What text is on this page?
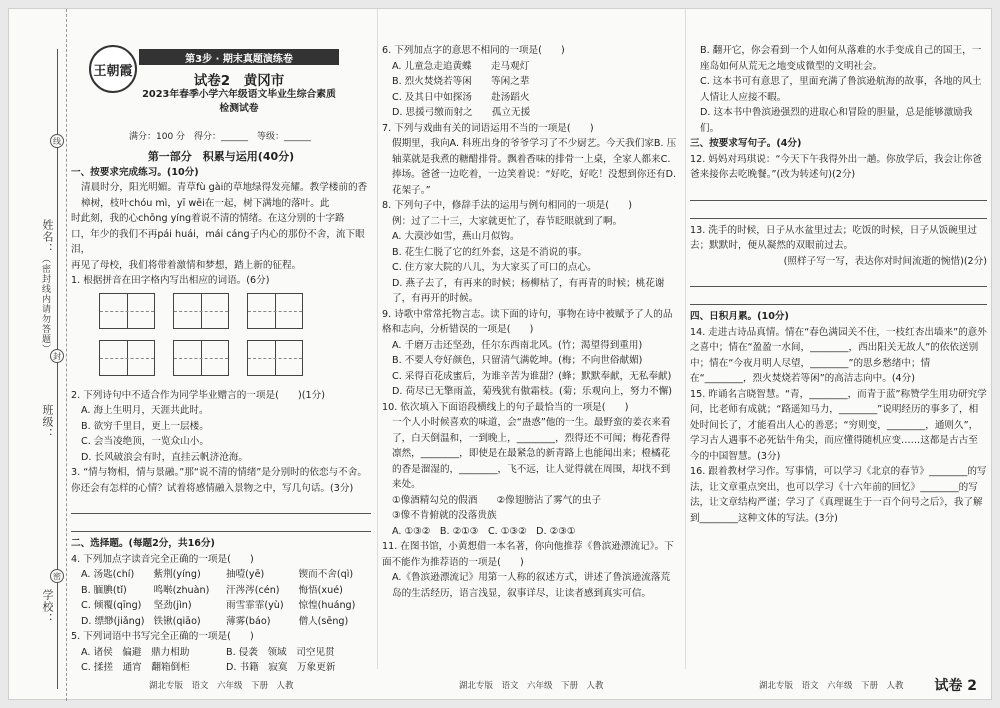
姓名：
（密封线内请勿答题）
班级：
学校：
线
封
密
王朝霞
第3步 · 期末真题演练卷
试卷2　黄冈市
2023年春季小学六年级语文毕业生综合素质检测试卷
满分：100 分　得分：______　等级：______
第一部分　积累与运用(40分)

一、按要求完成练习。(10分)

清晨时分，阳光明媚。青草fù gài的草地绿得发亮耀。教学楼前的香樟树，枝叶chóu mì，yī wēi在一起，树下满地的落叶。此

时此刻，我的心chōng yíng着说不清的情绪。在这分别的十字路

口，年少的我们不再pái huái，mái cáng子内心的那份不舍，流下眼泪，

再见了母校，我们将带着激情和梦想，踏上新的征程。

1. 根据拼音在田字格内写出相应的词语。(6分)

2. 下列诗句中不适合作为同学毕业赠言的一项是(　　)(1分)

A. 海上生明月，天涯共此时。

B. 欲穷千里目，更上一层楼。

C. 会当凌绝顶，一览众山小。

D. 长风破浪会有时，直挂云帆济沧海。

3. “情与物相，情与景融。”那“说不清的情绪”是分别时的依恋与不舍。你还会有怎样的心情？试着将感情融入景物之中，写几句话。(3分)

二、选择题。(每题2分，共16分)

4. 下列加点字读音完全正确的一项是(　　)

A. 汤匙(chí)	紫荆(yíng)	抽噎(yē)	锲而不舍(qì)
B. 腼腆(tǐ)	鸣啭(zhuàn)	汗涔涔(cén)	悔悟(xué)
C. 倾覆(qīng)	坚劲(jìn)	雨雪霏霏(yù)	惊惶(huáng)
D. 缥缈(jiǎng) 铁锹(qiāo)	薄雾(báo)	僧人(sēng)

5. 下列词语中书写完全正确的一项是(　　)

A. 诸侯　偏避　鼎力相助	B. 侵袭　领域　司空见贯
C. 揉搓　通宵　翻箱倒柜	D. 书籍　寂寞　万象更新

6. 下列加点字的意思不相同的一项是(　　)

A. 儿童急走追黄蝶　　走马观灯

B. 烈火焚烧若等闲　　等闲之辈

C. 及其日中如探汤　　赴汤蹈火

D. 思援弓缴而射之　　孤立无援

7. 下列与戏曲有关的词语运用不当的一项是(　　)

假期里，我向A. 科班出身的爷爷学习了不少厨艺。今天我们家B. 压轴菜就是我煮的糖醋排骨。飘着香味的排骨一上桌，全家人都来C. 捧场。爸爸一边吃着，一边笑着说：“好吃，好吃！没想到你还有D. 花架子。”

8. 下列句子中，修辞手法的运用与例句相同的一项是(　　)

例：过了二十三，大家就更忙了，春节眨眼就到了啊。

A. 大漠沙如雪，燕山月似钩。

B. 花生仁脱了它的红外套，这是不消说的事。

C. 住方家大院的八儿，为大家买了可口的点心。

D. 燕子去了，有再来的时候；杨柳枯了，有再青的时候；桃花谢了，有再开的时候。

9. 诗歌中常常托物言志。读下面的诗句，事物在诗中被赋予了人的品格和志向，分析错误的一项是(　　)

A. 千磨万击还坚劲，任尔东西南北风。(竹；渴望得到重用)

B. 不要人夸好颜色，只留清气满乾坤。(梅；不向世俗献媚)

C. 采得百花成蜜后，为谁辛苦为谁甜？(蜂；默默奉献，无私奉献)

D. 荷尽已无擎雨盖，菊残犹有傲霜枝。(菊；乐观向上，努力不懈)

10. 依次填入下面语段横线上的句子最恰当的一项是(　　)

一个人小时候喜欢的味道，会“蛊惑”他的一生。最野蛮的姜衣来看了，白天倒温和，一到晚上，________，烈得还不可闻；梅花香得凛然，________，即使是在最紧急的新青路上也能闻出来；橙橘花的香是溜湿的，________，飞不远，让人觉得就在周围，却找不到来处。

①像酒精勾兑的假酒　　②像翅膀沾了雾气的虫子

③像不肯俯就的没落贵族

A. ①③②　B. ②①③　C. ①③②　D. ②③①

11. 在图书馆，小黄想借一本名著，你向他推荐《鲁滨逊漂流记》。下面不能作为推荐语的一项是(　　)

A.《鲁滨逊漂流记》用第一人称的叙述方式，讲述了鲁滨逊流落荒岛的生活经历，语言浅显，叙事详尽，让读者感到真实可信。

B. 翻开它，你会看到一个人如何从落难的水手变成自己的国王，一座岛如何从荒无之地变成微型的文明社会。

C. 这本书可有意思了，里面充满了鲁滨逊航海的故事，各地的风土人情让人应接不暇。

D. 这本书中鲁滨逊强烈的进取心和冒险的胆量，总是能够激励我们。

三、按要求写句子。(4分)

12. 妈妈对玛琪说：“今天下午我得外出一趟。你放学后，我会让你爸爸来接你去吃晚餐。”(改为转述句)(2分)

13. 洗手的时候，日子从水盆里过去；吃饭的时候，日子从饭碗里过去；默默时，便从凝然的双眼前过去。

(照样子写一写，表达你对时间流逝的惋惜)(2分)

四、日积月累。(10分)

14. 走进古诗品真情。情在“春色满园关不住，一枝红杏出墙来”的意外之喜中；情在“盈盈一水间，________，西出阳关无故人”的依依送别中；情在“今夜月明人尽望，________”的思乡愁绪中；情在“________，烈火焚烧若等闲”的高洁志向中。(4分)

15. 昨诵名言晓智慧。“青，________，而青于蓝”称赞学生用功研究学问，比老师有成就；“路遥知马力，________”说明经历的事多了，相处时间长了，才能看出人心的善恶；“穷则变，________，通则久”，学习古人遇事不必死钻牛角尖，而应懂得随机应变……这都是古古至今的中国智慧。(3分)

16. 跟着教材学习作。写事情，可以学习《北京的春节》________的写法，让文章重点突出，也可以学习《十六年前的回忆》________的写法，让文章结构严谨；学习了《真理诞生于一百个问号之后》，我了解到________这种文体的写法。(3分)

湖北专版　语文　六年级　下册　人教	湖北专版　语文　六年级　下册　人教	湖北专版　语文　六年级　下册　人教 试卷 2
